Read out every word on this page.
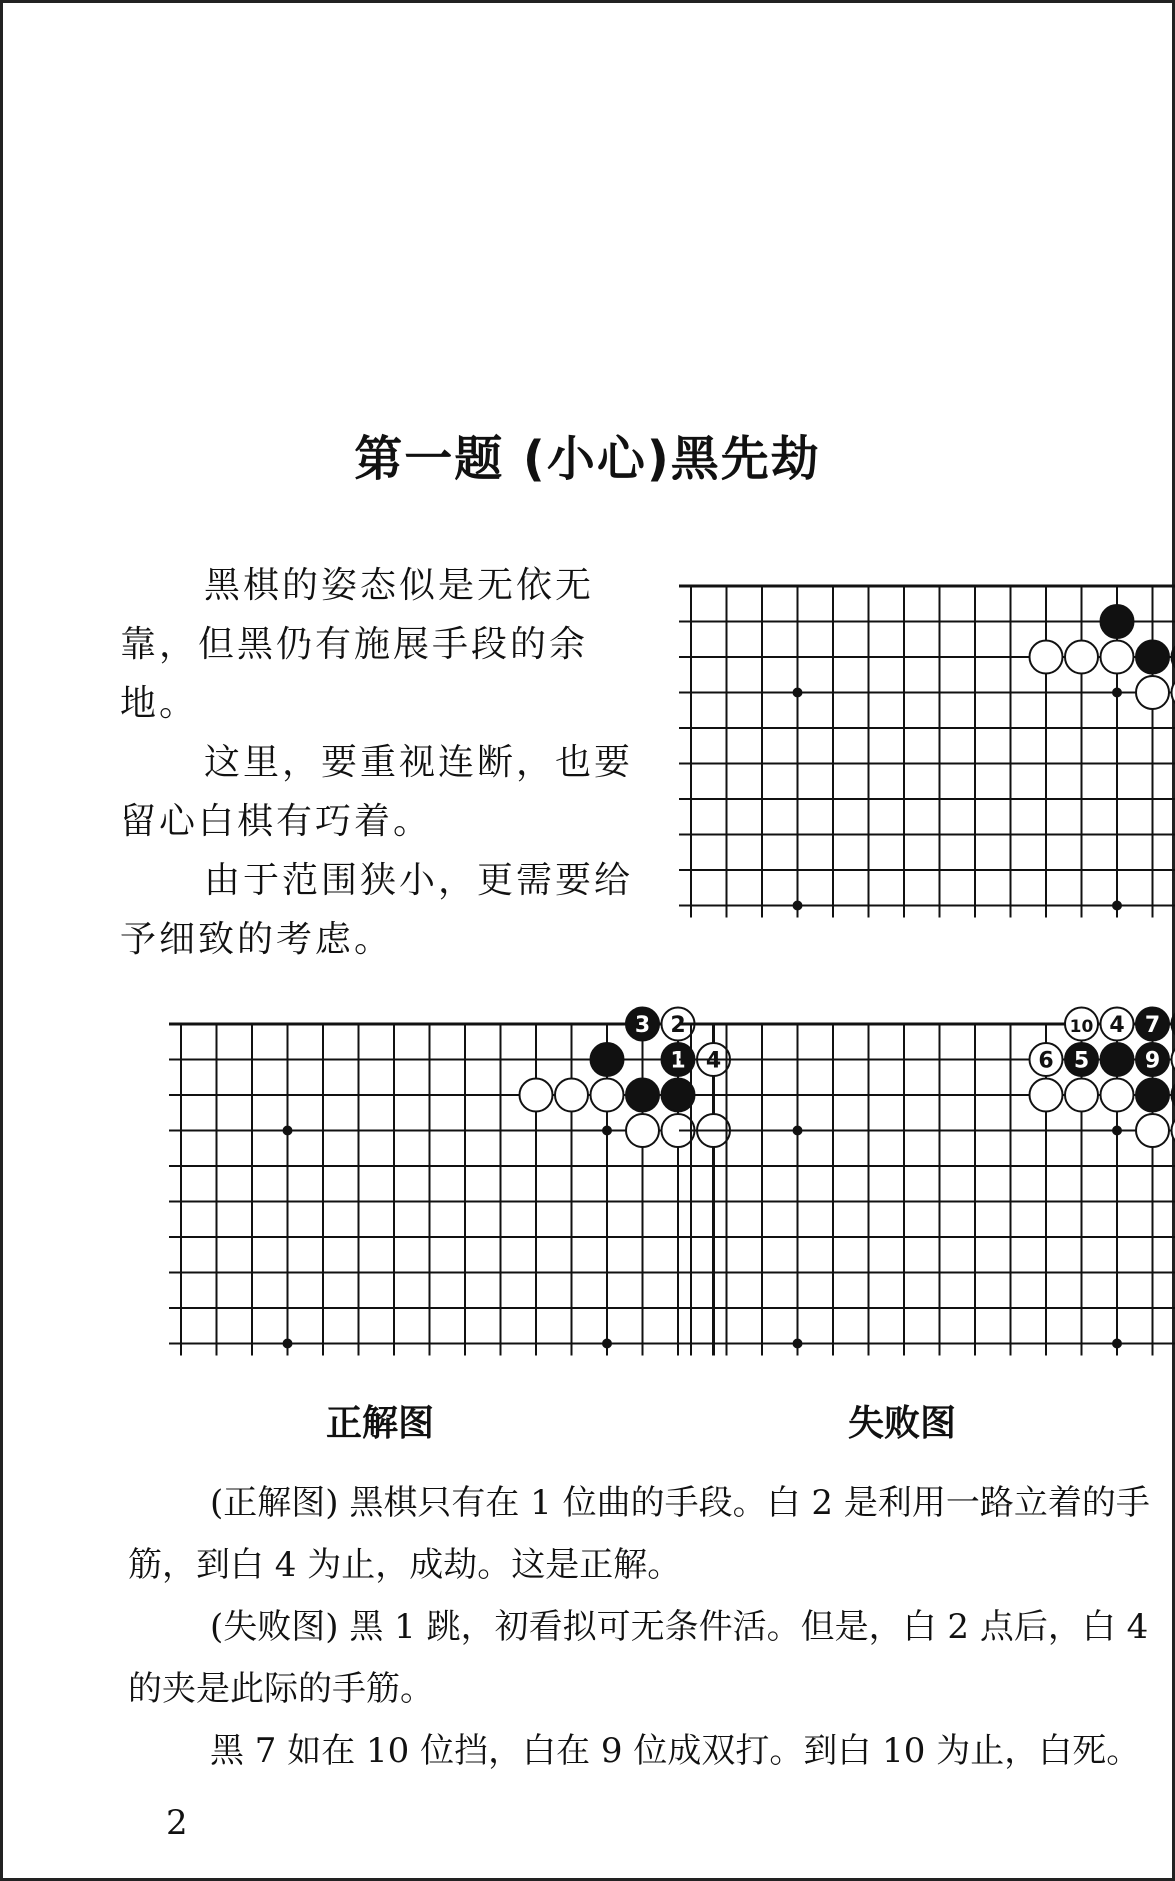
第一题 (小心)黑先劫

黑棋的姿态似是无依无靠，但黑仍有施展手段的余地。

这里，要重视连断，也要留心白棋有巧着。

由于范围狭小，更需要给予细致的考虑。

3 2
1 4
10 4 7
6 5	9
正解图	失败图

(正解图) 黑棋只有在 1 位曲的手段。白 2 是利用一路立着的手筋，到白 4 为止，成劫。这是正解。

(失败图) 黑 1 跳，初看拟可无条件活。但是，白 2 点后，白 4 的夹是此际的手筋。

黑 7 如在 10 位挡，白在 9 位成双打。到白 10 为止，白死。

2
